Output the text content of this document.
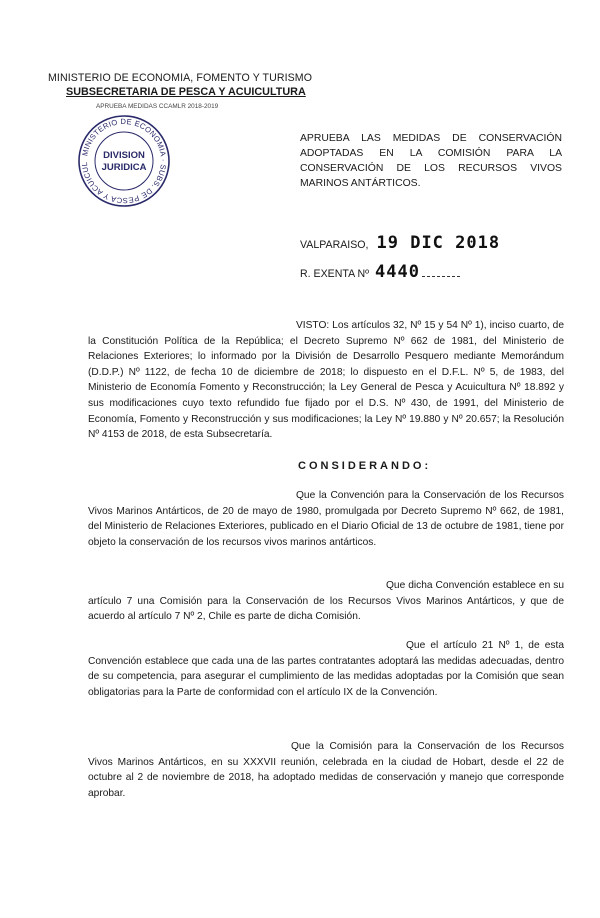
MINISTERIO DE ECONOMIA, FOMENTO Y TURISMO
SUBSECRETARIA DE PESCA Y ACUICULTURA
APRUEBA MEDIDAS CCAMLR 2018-2019
MINISTERIO DE ECONOMIA · SUBS. DE PESCA Y ACUICUL
DIVISION
JURIDICA
APRUEBA LAS MEDIDAS DE CONSERVACIÓN ADOPTADAS EN LA COMISIÓN PARA LA CONSERVACIÓN DE LOS RECURSOS VIVOS MARINOS ANTÁRTICOS.
VALPARAISO, 19 DIC 2018
R. EXENTA Nº 4440
VISTO: Los artículos 32, Nº 15 y 54 Nº 1), inciso cuarto, de la Constitución Política de la República; el Decreto Supremo Nº 662 de 1981, del Ministerio de Relaciones Exteriores; lo informado por la División de Desarrollo Pesquero mediante Memorándum (D.D.P.) Nº 1122, de fecha 10 de diciembre de 2018; lo dispuesto en el D.F.L. Nº 5, de 1983, del Ministerio de Economía Fomento y Reconstrucción; la Ley General de Pesca y Acuicultura Nº 18.892 y sus modificaciones cuyo texto refundido fue fijado por el D.S. Nº 430, de 1991, del Ministerio de Economía, Fomento y Reconstrucción y sus modificaciones; la Ley Nº 19.880 y Nº 20.657; la Resolución Nº 4153 de 2018, de esta Subsecretaría.
CONSIDERANDO:
Que la Convención para la Conservación de los Recursos Vivos Marinos Antárticos, de 20 de mayo de 1980, promulgada por Decreto Supremo Nº 662, de 1981, del Ministerio de Relaciones Exteriores, publicado en el Diario Oficial de 13 de octubre de 1981, tiene por objeto la conservación de los recursos vivos marinos antárticos.
Que dicha Convención establece en su artículo 7 una Comisión para la Conservación de los Recursos Vivos Marinos Antárticos, y que de acuerdo al artículo 7 Nº 2, Chile es parte de dicha Comisión.
Que el artículo 21 Nº 1, de esta Convención establece que cada una de las partes contratantes adoptará las medidas adecuadas, dentro de su competencia, para asegurar el cumplimiento de las medidas adoptadas por la Comisión que sean obligatorias para la Parte de conformidad con el artículo IX de la Convención.
Que la Comisión para la Conservación de los Recursos Vivos Marinos Antárticos, en su XXXVII reunión, celebrada en la ciudad de Hobart, desde el 22 de octubre al 2 de noviembre de 2018, ha adoptado medidas de conservación y manejo que corresponde aprobar.
